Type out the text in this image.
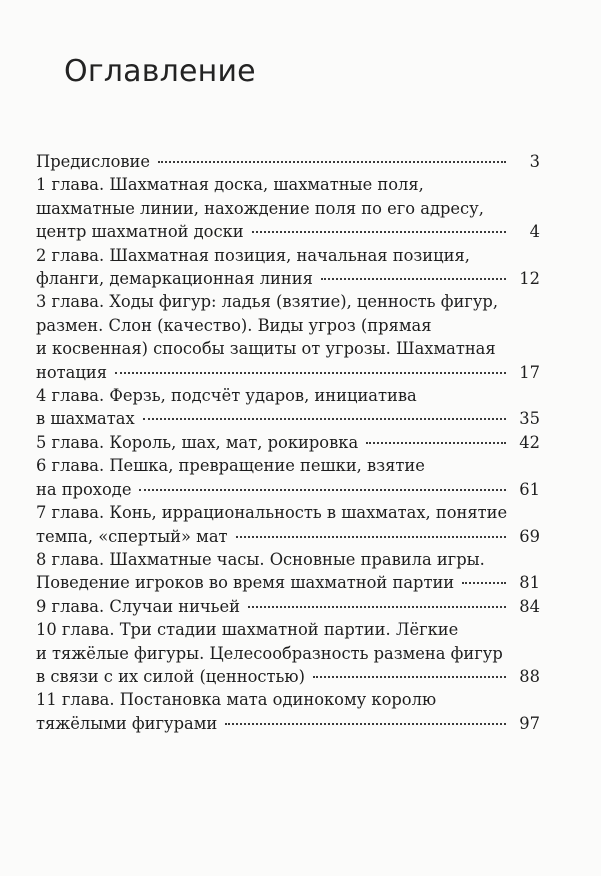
Оглавление
Предисловие	3
1 глава. Шахматная доска, шахматные поля,
шахматные линии, нахождение поля по его адресу,
центр шахматной доски	4
2 глава. Шахматная позиция, начальная позиция,
фланги, демаркационная линия	12
3 глава. Ходы фигур: ладья (взятие), ценность фигур,
размен. Слон (качество). Виды угроз (прямая
и косвенная) способы защиты от угрозы. Шахматная
нотация	17
4 глава. Ферзь, подсчёт ударов, инициатива
в шахматах	35
5 глава. Король, шах, мат, рокировка	42
6 глава. Пешка, превращение пешки, взятие
на проходе	61
7 глава. Конь, иррациональность в шахматах, понятие
темпа, «спертый» мат	69
8 глава. Шахматные часы. Основные правила игры.
Поведение игроков во время шахматной партии	81
9 глава. Случаи ничьей	84
10 глава. Три стадии шахматной партии. Лёгкие
и тяжёлые фигуры. Целесообразность размена фигур
в связи с их силой (ценностью)	88
11 глава. Постановка мата одинокому королю
тяжёлыми фигурами	97
